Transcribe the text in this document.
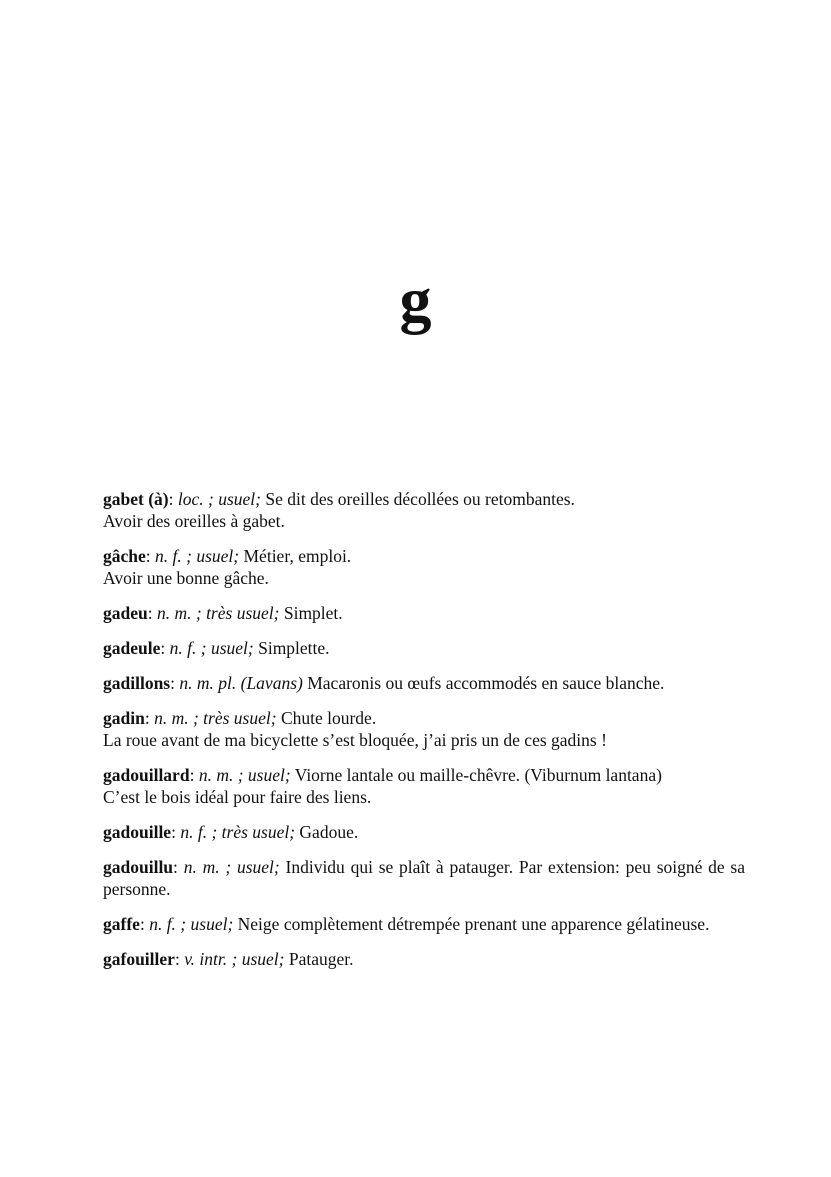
g

gabet (à): loc. ; usuel; Se dit des oreilles décollées ou retombantes.

Avoir des oreilles à gabet.

gâche: n. f. ; usuel; Métier, emploi.

Avoir une bonne gâche.

gadeu: n. m. ; très usuel; Simplet.

gadeule: n. f. ; usuel; Simplette.

gadillons: n. m. pl. (Lavans) Macaronis ou œufs accommodés en sauce blanche.

gadin: n. m. ; très usuel; Chute lourde.

La roue avant de ma bicyclette s’est bloquée, j’ai pris un de ces gadins !

gadouillard: n. m. ; usuel; Viorne lantale ou maille-chêvre. (Viburnum lantana)

C’est le bois idéal pour faire des liens.

gadouille: n. f. ; très usuel; Gadoue.

gadouillu: n. m. ; usuel; Individu qui se plaît à patauger. Par extension: peu soigné de sa personne.

gaffe: n. f. ; usuel; Neige complètement détrempée prenant une apparence gélatineuse.

gafouiller: v. intr. ; usuel; Patauger.
